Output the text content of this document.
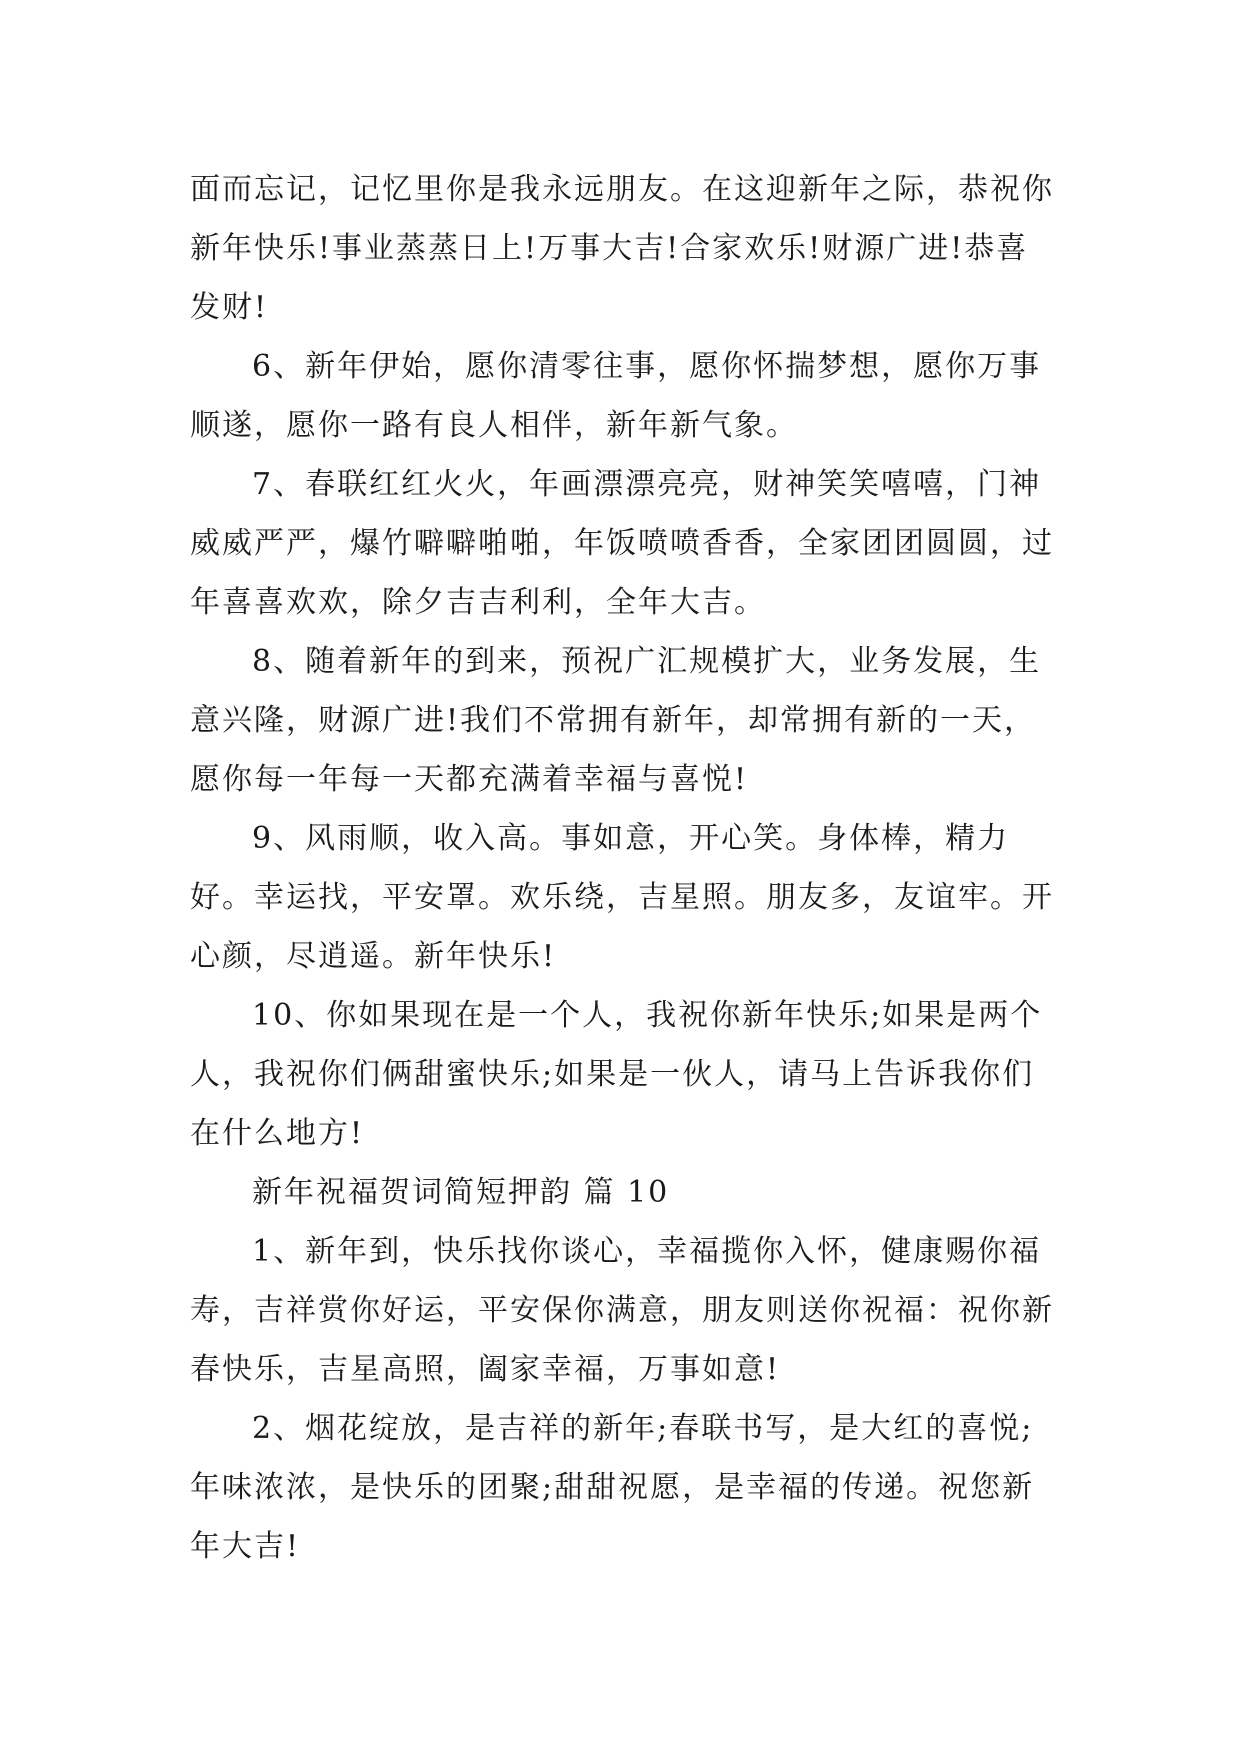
面而忘记，记忆里你是我永远朋友。在这迎新年之际，恭祝你新年快乐!事业蒸蒸日上!万事大吉!合家欢乐!财源广进!恭喜发财!

6、新年伊始，愿你清零往事，愿你怀揣梦想，愿你万事顺遂，愿你一路有良人相伴，新年新气象。

7、春联红红火火，年画漂漂亮亮，财神笑笑嘻嘻，门神威威严严，爆竹噼噼啪啪，年饭喷喷香香，全家团团圆圆，过年喜喜欢欢，除夕吉吉利利，全年大吉。

8、随着新年的到来，预祝广汇规模扩大，业务发展，生意兴隆，财源广进!我们不常拥有新年，却常拥有新的一天，愿你每一年每一天都充满着幸福与喜悦!

9、风雨顺，收入高。事如意，开心笑。身体棒，精力好。幸运找，平安罩。欢乐绕，吉星照。朋友多，友谊牢。开心颜，尽逍遥。新年快乐!

10、你如果现在是一个人，我祝你新年快乐;如果是两个人，我祝你们俩甜蜜快乐;如果是一伙人，请马上告诉我你们在什么地方!

新年祝福贺词简短押韵 篇 10

1、新年到，快乐找你谈心，幸福揽你入怀，健康赐你福寿，吉祥赏你好运，平安保你满意，朋友则送你祝福：祝你新春快乐，吉星高照，阖家幸福，万事如意!

2、烟花绽放，是吉祥的新年;春联书写，是大红的喜悦;年味浓浓，是快乐的团聚;甜甜祝愿，是幸福的传递。祝您新年大吉!
